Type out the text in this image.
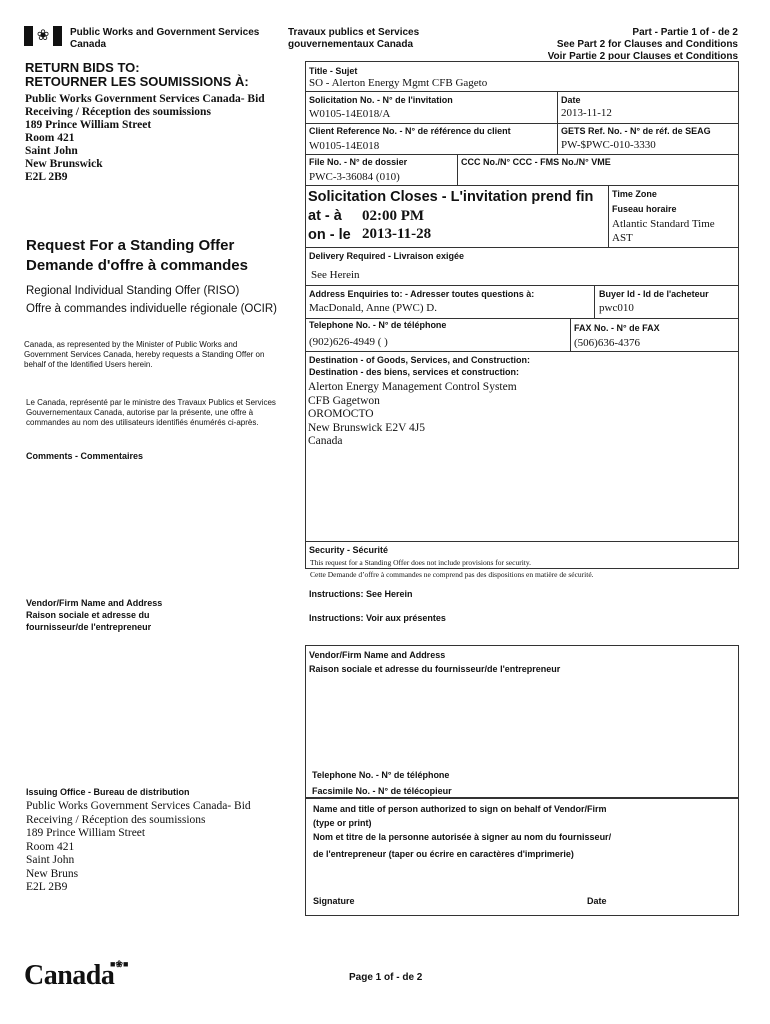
❀ Public Works and Government Services
Canada
Travaux publics et Services
gouvernementaux Canada
Part - Partie 1 of - de 2
See Part 2 for Clauses and Conditions
Voir Partie 2 pour Clauses et Conditions
RETURN BIDS TO:
RETOURNER LES SOUMISSIONS À:
Public Works Government Services Canada- Bid
Receiving / Réception des soumissions
189 Prince William Street
Room 421
Saint John
New Brunswick
E2L 2B9
Request For a Standing Offer
Demande d'offre à commandes
Regional Individual Standing Offer (RISO)
Offre à commandes individuelle régionale (OCIR)
Canada, as represented by the Minister of Public Works and Government Services Canada, hereby requests a Standing Offer on behalf of the Identified Users herein.
Le Canada, représenté par le ministre des Travaux Publics et Services Gouvernementaux Canada, autorise par la présente, une offre à commandes au nom des utilisateurs identifiés énumérés ci-après.
Comments - Commentaires
Vendor/Firm Name and Address
Raison sociale et adresse du
fournisseur/de l'entrepreneur
Issuing Office - Bureau de distribution
Public Works Government Services Canada- Bid
Receiving / Réception des soumissions
189 Prince William Street
Room 421
Saint John
New Bruns
E2L 2B9
Title - Sujet
SO - Alerton Energy Mgmt CFB Gageto
Solicitation No. - N° de l'invitation
W0105-14E018/A
Date
2013-11-12
Client Reference No. - N° de référence du client
W0105-14E018
GETS Ref. No. - N° de réf. de SEAG
PW-$PWC-010-3330
File No. - N° de dossier
PWC-3-36084 (010)
CCC No./N° CCC - FMS No./N° VME
Solicitation Closes - L'invitation prend fin
at - à 02:00 PM
on - le 2013-11-28
Time Zone
Fuseau horaire
Atlantic Standard Time
AST
Delivery Required - Livraison exigée
See Herein
Address Enquiries to: - Adresser toutes questions à:
MacDonald, Anne (PWC) D.
Buyer Id - Id de l'acheteur
pwc010
Telephone No. - N° de téléphone
(902)626-4949 ( )
FAX No. - N° de FAX
(506)636-4376
Destination - of Goods, Services, and Construction:
Destination - des biens, services et construction:
Alerton Energy Management Control System
CFB Gagetwon
OROMOCTO
New Brunswick E2V 4J5
Canada
Security - Sécurité
This request for a Standing Offer does not include provisions for security.
Cette Demande d’offre à commandes ne comprend pas des dispositions en matière de sécurité.
Instructions: See Herein
Instructions: Voir aux présentes
Vendor/Firm Name and Address
Raison sociale et adresse du fournisseur/de l'entrepreneur
Telephone No. - N° de téléphone
Facsimile No. - N° de télécopieur
Name and title of person authorized to sign on behalf of Vendor/Firm
(type or print)
Nom et titre de la personne autorisée à signer au nom du fournisseur/
de l'entrepreneur (taper ou écrire en caractères d'imprimerie)
Signature	Date
Canada
■❀■
Page 1 of - de 2
